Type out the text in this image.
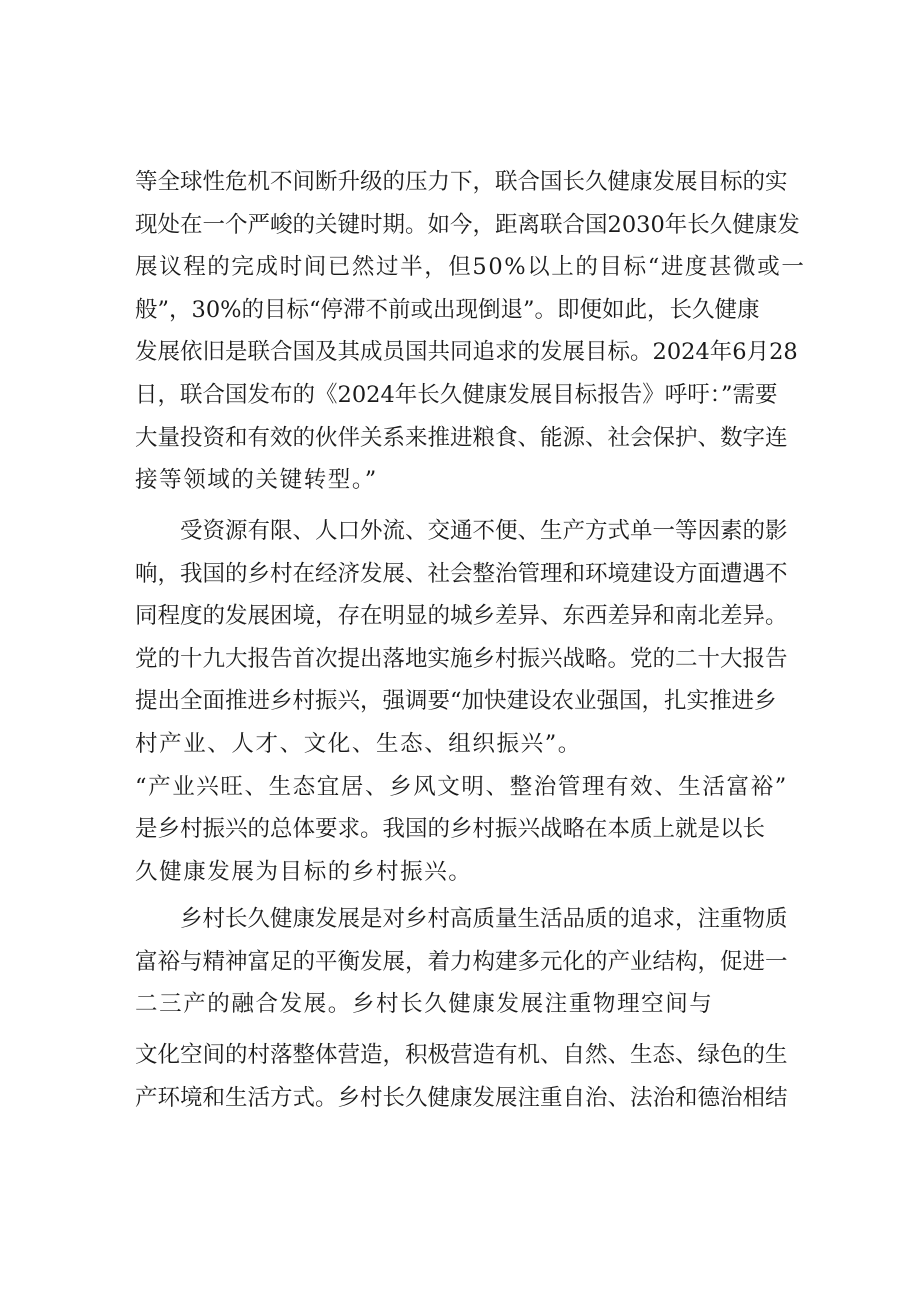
等全球性危机不间断升级的压力下，联合国长久健康发展目标的实
现处在一个严峻的关键时期。如今，距离联合国2030年长久健康发
展议程的完成时间已然过半，但50%以上的目标“进度甚微或一
般”，30%的目标“停滞不前或出现倒退”。即便如此，长久健康
发展依旧是联合国及其成员国共同追求的发展目标。2024年6月28
日，联合国发布的《2024年长久健康发展目标报告》呼吁：”需要
大量投资和有效的伙伴关系来推进粮食、能源、社会保护、数字连
接等领域的关键转型。”
受资源有限、人口外流、交通不便、生产方式单一等因素的影
响，我国的乡村在经济发展、社会整治管理和环境建设方面遭遇不
同程度的发展困境，存在明显的城乡差异、东西差异和南北差异。
党的十九大报告首次提出落地实施乡村振兴战略。党的二十大报告
提出全面推进乡村振兴，强调要“加快建设农业强国，扎实推进乡
村产业、人才、文化、生态、组织振兴”。
“产业兴旺、生态宜居、乡风文明、整治管理有效、生活富裕”
是乡村振兴的总体要求。我国的乡村振兴战略在本质上就是以长
久健康发展为目标的乡村振兴。
乡村长久健康发展是对乡村高质量生活品质的追求，注重物质
富裕与精神富足的平衡发展，着力构建多元化的产业结构，促进一
二三产的融合发展。乡村长久健康发展注重物理空间与
文化空间的村落整体营造，积极营造有机、自然、生态、绿色的生
产环境和生活方式。乡村长久健康发展注重自治、法治和德治相结
